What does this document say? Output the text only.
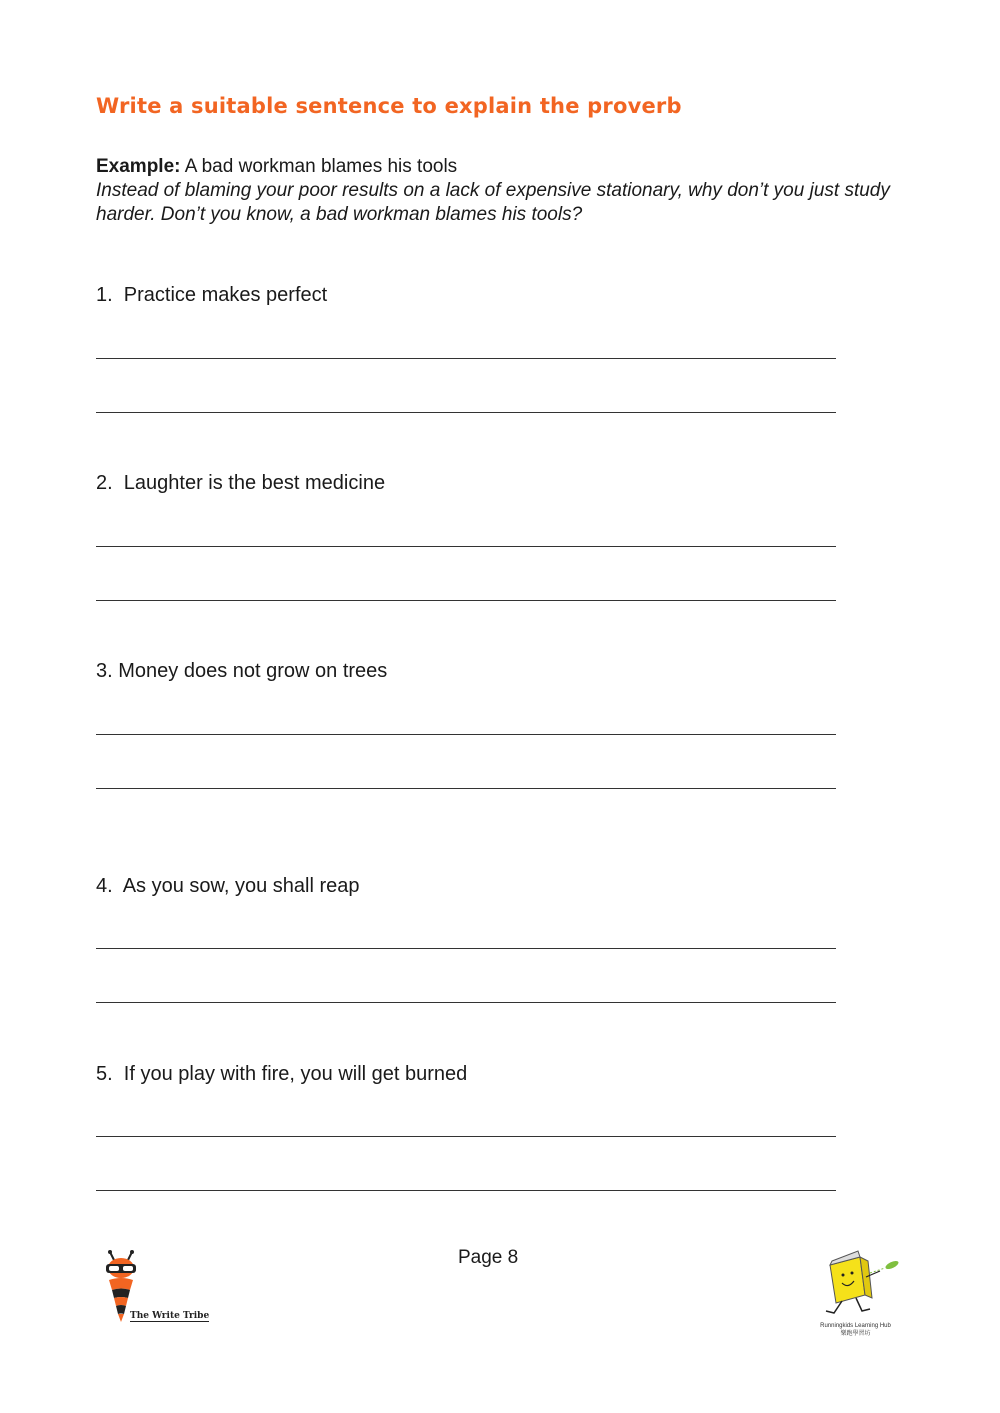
Write a suitable sentence to explain the proverb
Example: A bad workman blames his tools
Instead of blaming your poor results on a lack of expensive stationary, why don’t you just study harder. Don’t you know, a bad workman blames his tools?
1.  Practice makes perfect
2.  Laughter is the best medicine
3. Money does not grow on trees
4.  As you sow, you shall reap
5.  If you play with fire, you will get burned
Page 8
The Write Tribe
Runningkids Learning Hub
樂跑學習坊
